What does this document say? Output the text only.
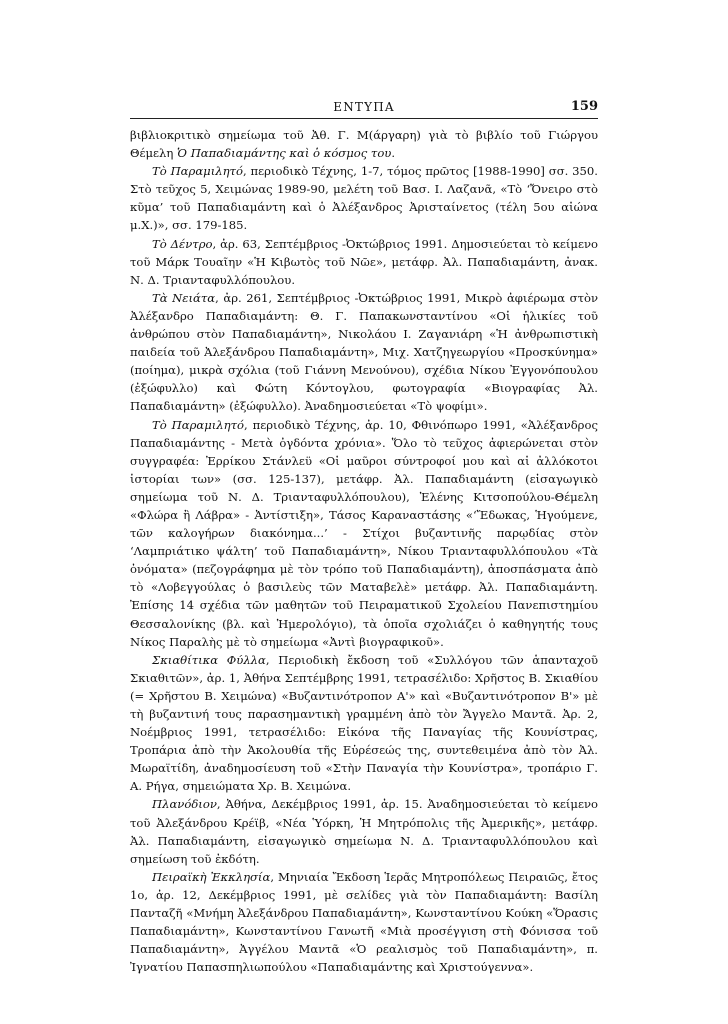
ΕΝΤΥΠΑ	159

βιβλιοκριτικὸ σημείωμα τοῦ Ἀθ. Γ. Μ(άργαρη) γιὰ τὸ βιβλίο τοῦ Γιώργου Θέμελη Ὁ Παπαδιαμάντης καὶ ὁ κόσμος του.

Τὸ Παραμιλητό, περιοδικὸ Τέχνης, 1-7, τόμος πρῶτος [1988-1990] σσ. 350. Στὸ τεῦχος 5, Χειμώνας 1989-90, μελέτη τοῦ Βασ. Ι. Λαζανᾶ, «Τὸ ‘Ὄνειρο στὸ κῦμα’ τοῦ Παπαδιαμάντη καὶ ὁ Ἀλέξανδρος Ἀρισταίνετος (τέλη 5ου αἰώνα μ.Χ.)», σσ. 179-185.

Τὸ Δέντρο, ἀρ. 63, Σεπτέμβριος -Ὀκτώβριος 1991. Δημοσιεύεται τὸ κείμενο τοῦ Μάρκ Τουαῖην «Ἡ Κιβωτὸς τοῦ Νῶε», μετάφρ. Ἀλ. Παπαδιαμάντη, ἀνακ. Ν. Δ. Τριανταφυλλόπουλου.

Τὰ Νειάτα, ἀρ. 261, Σεπτέμβριος -Ὀκτώβριος 1991, Μικρὸ ἀφιέρωμα στὸν Ἀλέξανδρο Παπαδιαμάντη: Θ. Γ. Παπακωνσταντίνου «Οἱ ἡλικίες τοῦ ἀνθρώπου στὸν Παπαδιαμάντη», Νικολάου Ι. Ζαγανιάρη «Ἡ ἀνθρωπιστικὴ παιδεία τοῦ Ἀλεξάνδρου Παπαδιαμάντη», Μιχ. Χατζηγεωργίου «Προσκύνημα» (ποίημα), μικρὰ σχόλια (τοῦ Γιάννη Μενούνου), σχέδια Νίκου Ἐγγονόπουλου (ἐξώφυλλο) καὶ Φώτη Κόντογλου, φωτογραφία «Βιογραφίας Ἀλ. Παπαδιαμάντη» (ἐξώφυλλο). Ἀναδημοσιεύεται «Τὸ ψοφίμι».

Τὸ Παραμιλητό, περιοδικὸ Τέχνης, ἀρ. 10, Φθινόπωρο 1991, «Ἀλέξανδρος Παπαδιαμάντης - Μετὰ ὀγδόντα χρόνια». Ὅλο τὸ τεῦχος ἀφιερώνεται στὸν συγγραφέα: Ἐρρίκου Στάνλεϋ «Οἱ μαῦροι σύντροφοί μου καὶ αἱ ἀλλόκοτοι ἱστορίαι των» (σσ. 125-137), μετάφρ. Ἀλ. Παπαδιαμάντη (εἰσαγωγικὸ σημείωμα τοῦ Ν. Δ. Τριανταφυλλόπουλου), Ἑλένης Κιτσοπούλου-Θέμελη «Φλώρα ἢ Λάβρα» - Ἀντίστιξη», Τάσος Καραναστάσης «‘Ἔδωκας, Ἡγούμενε, τῶν καλογήρων διακόνημα...’ - Στίχοι βυζαντινῆς παρῳδίας στὸν ‘Λαμπριάτικο ψάλτη’ τοῦ Παπαδιαμάντη», Νίκου Τριανταφυλλόπουλου «Τὰ ὀνόματα» (πεζογράφημα μὲ τὸν τρόπο τοῦ Παπαδιαμάντη), ἀποσπάσματα ἀπὸ τὸ «Λοβεγγούλας ὁ βασιλεὺς τῶν Ματαβελὲ» μετάφρ. Ἀλ. Παπαδιαμάντη. Ἐπίσης 14 σχέδια τῶν μαθητῶν τοῦ Πειραματικοῦ Σχολείου Πανεπιστημίου Θεσσαλονίκης (βλ. καὶ Ἡμερολόγιο), τὰ ὁποῖα σχολιάζει ὁ καθηγητής τους Νίκος Παραλὴς μὲ τὸ σημείωμα «Ἀντὶ βιογραφικοῦ».

Σκιαθίτικα Φύλλα, Περιοδικὴ ἔκδοση τοῦ «Συλλόγου τῶν ἁπανταχοῦ Σκιαθιτῶν», ἀρ. 1, Ἀθήνα Σεπτέμβρης 1991, τετρασέλιδο: Χρῆστος Β. Σκιαθίου (= Χρῆστου Β. Χειμώνα) «Βυζαντινότροπον Α'» καὶ «Βυζαντινότροπον Β'» μὲ τὴ βυζαντινή τους παρασημαντικὴ γραμμένη ἀπὸ τὸν Ἄγγελο Μαντᾶ. Ἀρ. 2, Νοέμβριος 1991, τετρασέλιδο: Εἰκόνα τῆς Παναγίας τῆς Κουνίστρας, Τροπάρια ἀπὸ τὴν Ἀκολουθία τῆς Εὑρέσεώς της, συντεθειμένα ἀπὸ τὸν Ἀλ. Μωραϊτίδη, ἀναδημοσίευση τοῦ «Στὴν Παναγία τὴν Κουνίστρα», τροπάριο Γ. Α. Ρήγα, σημειώματα Χρ. Β. Χειμώνα.

Πλανόδιον, Ἀθήνα, Δεκέμβριος 1991, ἀρ. 15. Ἀναδημοσιεύεται τὸ κείμενο τοῦ Ἀλεξάνδρου Κρέϊβ, «Νέα Ὑόρκη, Ἡ Μητρόπολις τῆς Ἀμερικῆς», μετάφρ. Ἀλ. Παπαδιαμάντη, εἰσαγωγικὸ σημείωμα Ν. Δ. Τριανταφυλλόπουλου καὶ σημείωση τοῦ ἐκδότη.

Πειραϊκὴ Ἐκκλησία, Μηνιαία Ἔκδοση Ἱερᾶς Μητροπόλεως Πειραιῶς, ἔτος 1ο, ἀρ. 12, Δεκέμβριος 1991, μὲ σελίδες γιὰ τὸν Παπαδιαμάντη: Βασίλη Πανταζῆ «Μνήμη Ἀλεξάνδρου Παπαδιαμάντη», Κωνσταντίνου Κούκη «Ὅρασις Παπαδιαμάντη», Κωνσταντίνου Γανωτῆ «Μιὰ προσέγγιση στὴ Φόνισσα τοῦ Παπαδιαμάντη», Ἀγγέλου Μαντᾶ «Ὁ ρεαλισμὸς τοῦ Παπαδιαμάντη», π. Ἰγνατίου Παπασπηλιωπούλου «Παπαδιαμάντης καὶ Χριστούγεννα».
